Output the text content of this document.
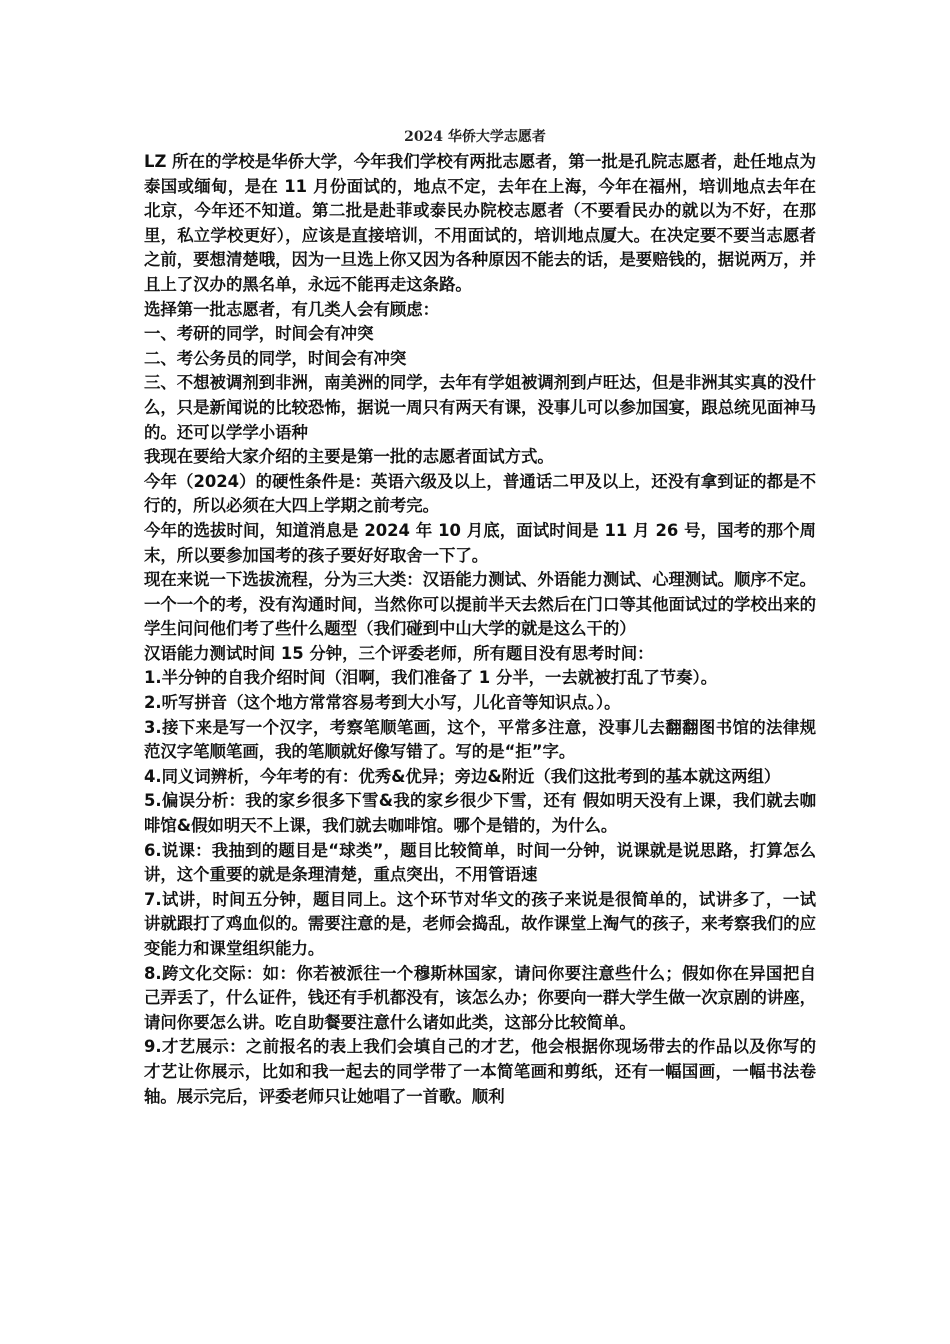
2024 华侨大学志愿者

LZ 所在的学校是华侨大学，今年我们学校有两批志愿者，第一批是孔院志愿者，赴任地点为泰国或缅甸，是在 11 月份面试的，地点不定，去年在上海，今年在福州，培训地点去年在北京，今年还不知道。第二批是赴菲或泰民办院校志愿者（不要看民办的就以为不好，在那里，私立学校更好），应该是直接培训，不用面试的，培训地点厦大。在决定要不要当志愿者之前，要想清楚哦，因为一旦选上你又因为各种原因不能去的话，是要赔钱的，据说两万，并且上了汉办的黑名单，永远不能再走这条路。

选择第一批志愿者，有几类人会有顾虑：

一、考研的同学，时间会有冲突

二、考公务员的同学，时间会有冲突

三、不想被调剂到非洲，南美洲的同学，去年有学姐被调剂到卢旺达，但是非洲其实真的没什么，只是新闻说的比较恐怖，据说一周只有两天有课，没事儿可以参加国宴，跟总统见面神马的。还可以学学小语种

我现在要给大家介绍的主要是第一批的志愿者面试方式。

今年（2024）的硬性条件是：英语六级及以上，普通话二甲及以上，还没有拿到证的都是不行的，所以必须在大四上学期之前考完。

今年的选拔时间，知道消息是 2024 年 10 月底，面试时间是 11 月 26 号，国考的那个周末，所以要参加国考的孩子要好好取舍一下了。

现在来说一下选拔流程，分为三大类：汉语能力测试、外语能力测试、心理测试。顺序不定。一个一个的考，没有沟通时间，当然你可以提前半天去然后在门口等其他面试过的学校出来的学生问问他们考了些什么题型（我们碰到中山大学的就是这么干的）

汉语能力测试时间 15 分钟，三个评委老师，所有题目没有思考时间：

1.半分钟的自我介绍时间（泪啊，我们准备了 1 分半，一去就被打乱了节奏）。

2.听写拼音（这个地方常常容易考到大小写，儿化音等知识点。）。

3.接下来是写一个汉字，考察笔顺笔画，这个，平常多注意，没事儿去翻翻图书馆的法律规范汉字笔顺笔画，我的笔顺就好像写错了。写的是“拒”字。

4.同义词辨析，今年考的有：优秀&优异；旁边&附近（我们这批考到的基本就这两组）

5.偏误分析：我的家乡很多下雪&我的家乡很少下雪，还有 假如明天没有上课，我们就去咖啡馆&假如明天不上课，我们就去咖啡馆。哪个是错的，为什么。

6.说课：我抽到的题目是“球类”，题目比较简单，时间一分钟，说课就是说思路，打算怎么讲，这个重要的就是条理清楚，重点突出，不用管语速

7.试讲，时间五分钟，题目同上。这个环节对华文的孩子来说是很简单的，试讲多了，一试讲就跟打了鸡血似的。需要注意的是，老师会捣乱，故作课堂上淘气的孩子，来考察我们的应变能力和课堂组织能力。

8.跨文化交际：如：你若被派往一个穆斯林国家，请问你要注意些什么；假如你在异国把自己弄丢了，什么证件，钱还有手机都没有，该怎么办；你要向一群大学生做一次京剧的讲座，请问你要怎么讲。吃自助餐要注意什么诸如此类，这部分比较简单。

9.才艺展示：之前报名的表上我们会填自己的才艺，他会根据你现场带去的作品以及你写的才艺让你展示，比如和我一起去的同学带了一本简笔画和剪纸，还有一幅国画，一幅书法卷轴。展示完后，评委老师只让她唱了一首歌。顺利
